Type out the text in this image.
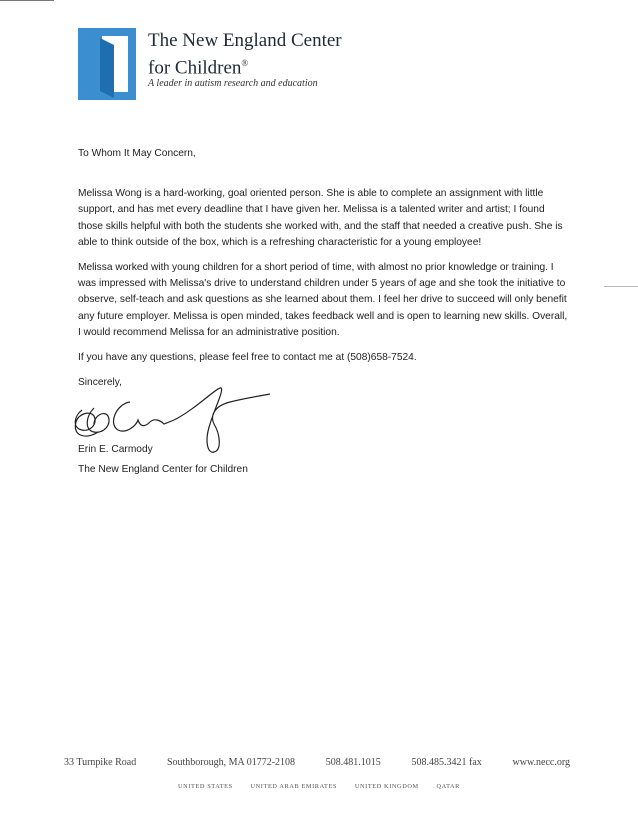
The New England Center
for Children®
A leader in autism research and education

To Whom It May Concern,

Melissa Wong is a hard-working, goal oriented person. She is able to complete an assignment with little support, and has met every deadline that I have given her. Melissa is a talented writer and artist; I found those skills helpful with both the students she worked with, and the staff that needed a creative push. She is able to think outside of the box, which is a refreshing characteristic for a young employee!

Melissa worked with young children for a short period of time, with almost no prior knowledge or training. I was impressed with Melissa's drive to understand children under 5 years of age and she took the initiative to observe, self-teach and ask questions as she learned about them. I feel her drive to succeed will only benefit any future employer. Melissa is open minded, takes feedback well and is open to learning new skills. Overall, I would recommend Melissa for an administrative position.

If you have any questions, please feel free to contact me at (508)658-7524.

Sincerely,

Erin E. Carmody
The New England Center for Children
33 Turnpike Road	Southborough, MA 01772-2108	508.481.1015	508.485.3421 fax	www.necc.org
UNITED STATES	UNITED ARAB EMIRATES	UNITED KINGDOM	QATAR
